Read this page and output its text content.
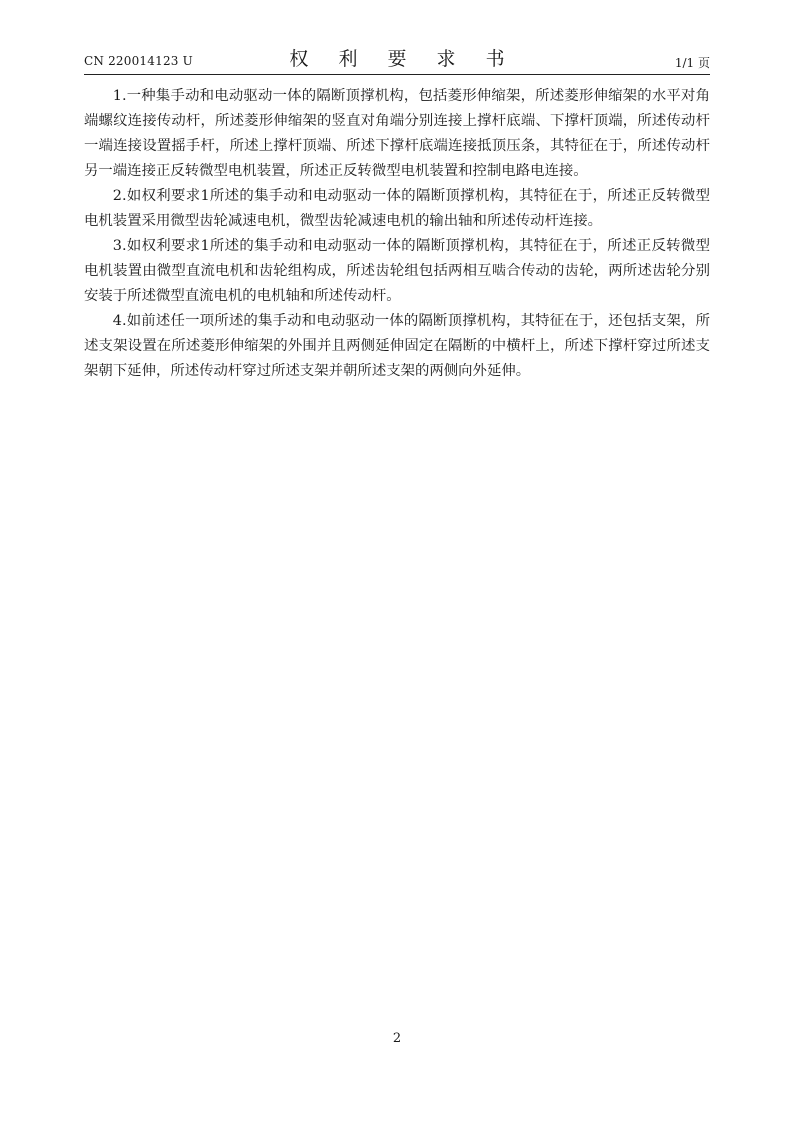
CN 220014123 U	权 利 要 求 书	1/1 页

1.一种集手动和电动驱动一体的隔断顶撑机构，包括菱形伸缩架，所述菱形伸缩架的水平对角端螺纹连接传动杆，所述菱形伸缩架的竖直对角端分别连接上撑杆底端、下撑杆顶端，所述传动杆一端连接设置摇手杆，所述上撑杆顶端、所述下撑杆底端连接抵顶压条，其特征在于，所述传动杆另一端连接正反转微型电机装置，所述正反转微型电机装置和控制电路电连接。

2.如权利要求1所述的集手动和电动驱动一体的隔断顶撑机构，其特征在于，所述正反转微型电机装置采用微型齿轮减速电机，微型齿轮减速电机的输出轴和所述传动杆连接。

3.如权利要求1所述的集手动和电动驱动一体的隔断顶撑机构，其特征在于，所述正反转微型电机装置由微型直流电机和齿轮组构成，所述齿轮组包括两相互啮合传动的齿轮，两所述齿轮分别安装于所述微型直流电机的电机轴和所述传动杆。

4.如前述任一项所述的集手动和电动驱动一体的隔断顶撑机构，其特征在于，还包括支架，所述支架设置在所述菱形伸缩架的外围并且两侧延伸固定在隔断的中横杆上，所述下撑杆穿过所述支架朝下延伸，所述传动杆穿过所述支架并朝所述支架的两侧向外延伸。

2
